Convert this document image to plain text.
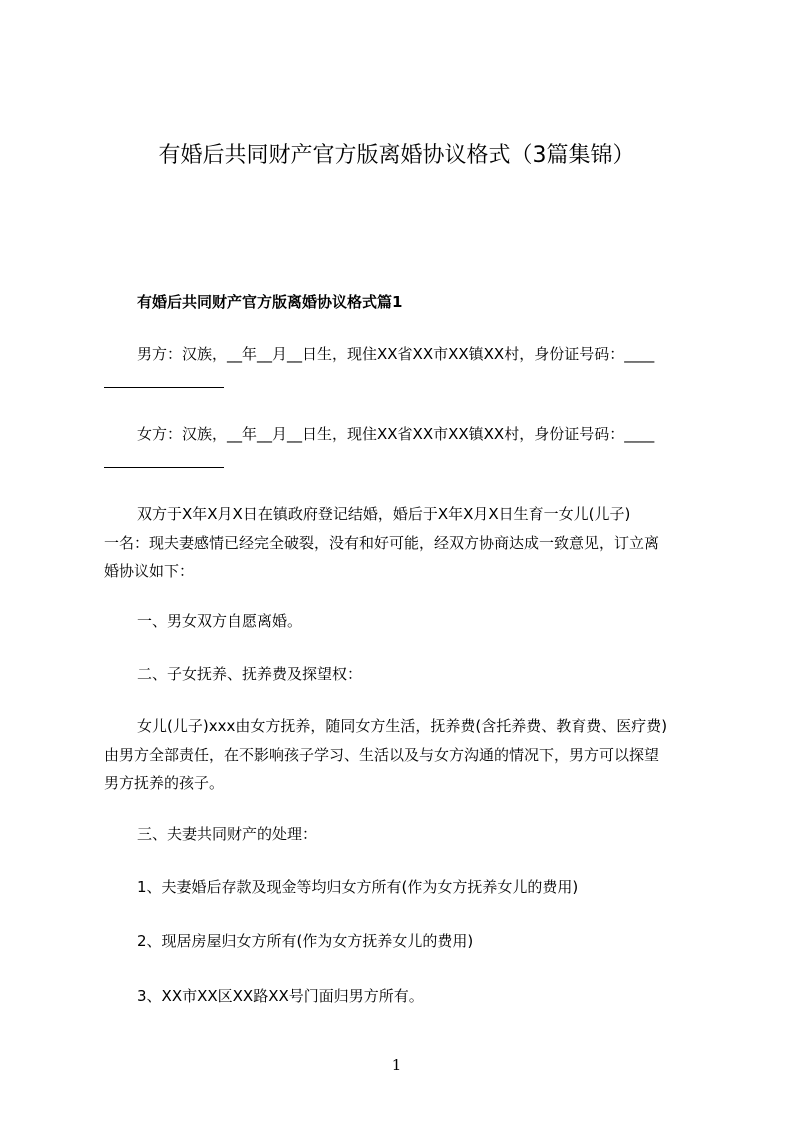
有婚后共同财产官方版离婚协议格式（3篇集锦）
有婚后共同财产官方版离婚协议格式篇1
男方：汉族，__年__月__日生，现住XX省XX市XX镇XX村，身份证号码：____
女方：汉族，__年__月__日生，现住XX省XX市XX镇XX村，身份证号码：____
双方于X年X月X日在镇政府登记结婚，婚后于X年X月X日生育一女儿(儿子)
一名：现夫妻感情已经完全破裂，没有和好可能，经双方协商达成一致意见，订立离
婚协议如下：
一、男女双方自愿离婚。
二、子女抚养、抚养费及探望权：
女儿(儿子)xxx由女方抚养，随同女方生活，抚养费(含托养费、教育费、医疗费)
由男方全部责任，在不影响孩子学习、生活以及与女方沟通的情况下，男方可以探望
男方抚养的孩子。
三、夫妻共同财产的处理：
1、夫妻婚后存款及现金等均归女方所有(作为女方抚养女儿的费用)
2、现居房屋归女方所有(作为女方抚养女儿的费用)
3、XX市XX区XX路XX号门面归男方所有。
1
